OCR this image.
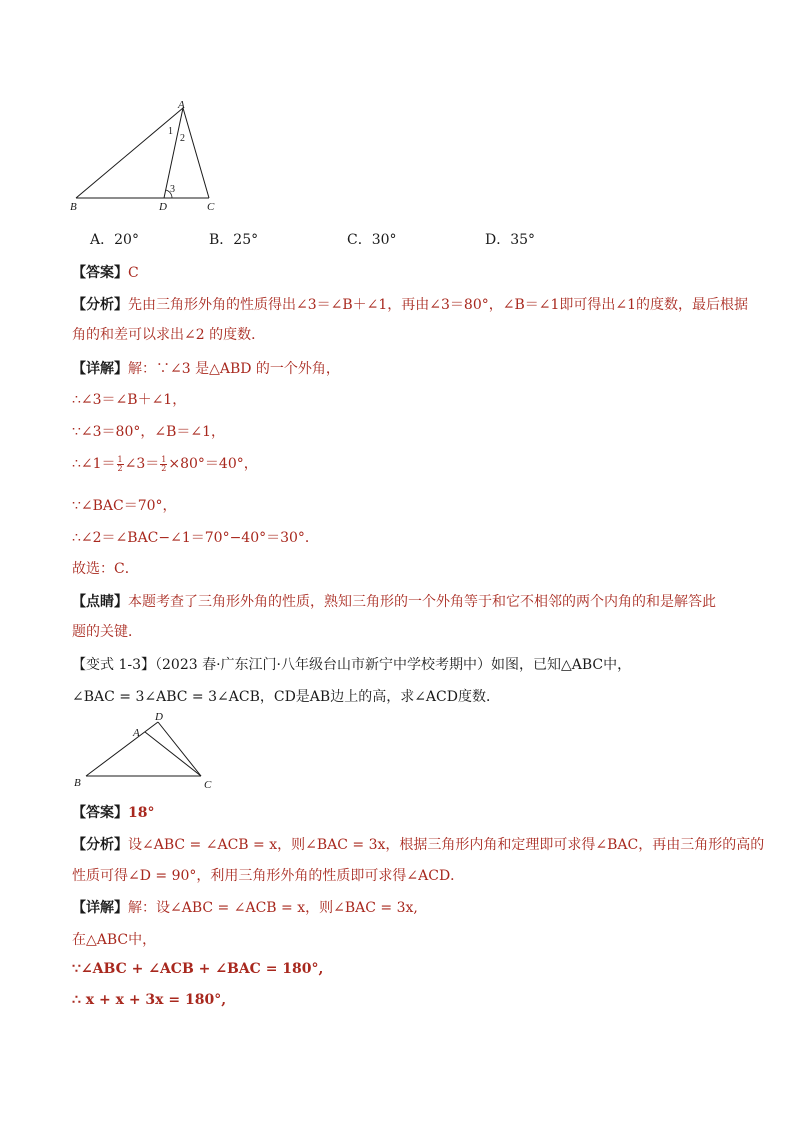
A
B	D	C
1
2
3
A．20°	B．25°	C．30°	D．35°
【答案】C
【分析】先由三角形外角的性质得出∠3＝∠B＋∠1，再由∠3＝80°，∠B＝∠1即可得出∠1的度数，最后根据
角的和差可以求出∠2 的度数．
【详解】解：∵∠3 是△ABD 的一个外角，
∴∠3＝∠B＋∠1，
∵∠3＝80°，∠B＝∠1，
∴∠1＝ $\frac{1}{2}$ ∠3＝ $\frac{1}{2} \times 80^\circ=40^\circ$，
∵∠BAC＝70°，
∴∠2＝∠BAC−∠1＝70°−40°＝30°．
故选：C．
【点睛】本题考查了三角形外角的性质，熟知三角形的一个外角等于和它不相邻的两个内角的和是解答此
题的关键．
【变式 1-3】（2023 春·广东江门·八年级台山市新宁中学校考期中）如图，已知△ABC中，
∠BAC = 3∠ABC = 3∠ACB，CD是AB边上的高，求∠ACD度数．
D
A
B	C
【答案】18°
【分析】设∠ABC = ∠ACB = x，则∠BAC = 3x，根据三角形内角和定理即可求得∠BAC，再由三角形的高的
性质可得∠D = 90°，利用三角形外角的性质即可求得∠ACD．
【详解】解：设∠ABC = ∠ACB = x，则∠BAC = 3x,
在△ABC中，
∵∠ABC + ∠ACB + ∠BAC = 180°,
∴ x + x + 3x = 180°,
